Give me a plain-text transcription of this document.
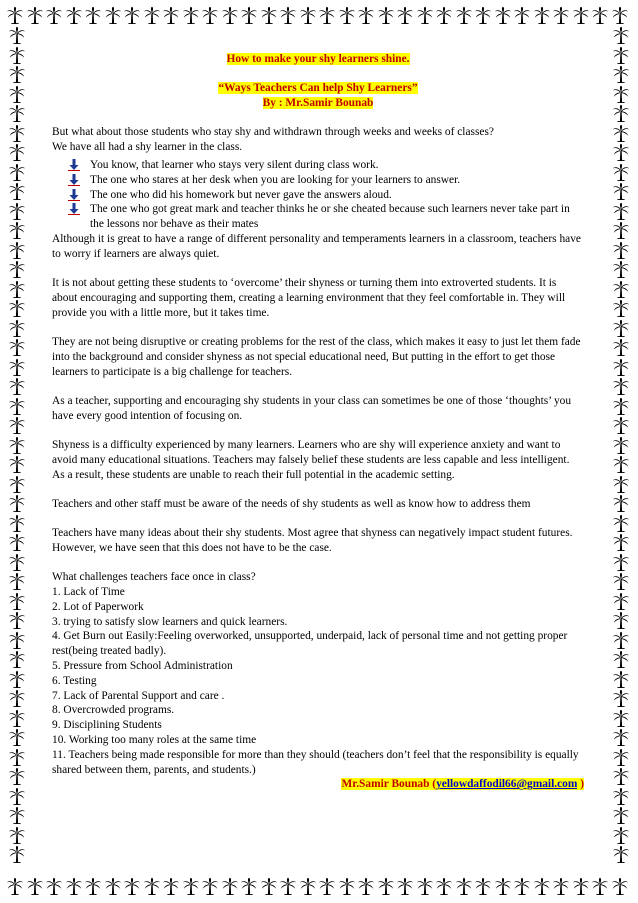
How to make your shy learners shine.

“Ways Teachers Can help Shy Learners”

By : Mr.Samir Bounab

But what about those students who stay shy and withdrawn through weeks and weeks of classes?

We have all had a shy learner in the class.

You know, that learner who stays very silent during class work.
The one who stares at her desk when you are looking for your learners to answer.
The one who did his homework but never gave the answers aloud.
The one who got great mark and teacher thinks he or she cheated because such learners never take part in the lessons nor behave as their mates

Although it is great to have a range of different personality and temperaments learners in a classroom, teachers have to worry if learners are always quiet.

It is not about getting these students to ‘overcome’ their shyness or turning them into extroverted students. It is about encouraging and supporting them, creating a learning environment that they feel comfortable in. They will provide you with a little more, but it takes time.

They are not being disruptive or creating problems for the rest of the class, which makes it easy to just let them fade into the background and consider shyness as not special educational need, But putting in the effort to get those learners to participate is a big challenge for teachers.

As a teacher, supporting and encouraging shy students in your class can sometimes be one of those ‘thoughts’ you have every good intention of focusing on.

Shyness is a difficulty experienced by many learners. Learners who are shy will experience anxiety and want to avoid many educational situations. Teachers may falsely belief these students are less capable and less intelligent. As a result, these students are unable to reach their full potential in the academic setting.

Teachers and other staff must be aware of the needs of shy students as well as know how to address them

Teachers have many ideas about their shy students. Most agree that shyness can negatively impact student futures. However, we have seen that this does not have to be the case.

What challenges teachers face once in class?

1. Lack of Time

2. Lot of Paperwork

3. trying to satisfy slow learners and quick learners.

4. Get Burn out Easily:Feeling overworked, unsupported, underpaid, lack of personal time and not getting proper rest(being treated badly).

5. Pressure from School Administration

6. Testing

7. Lack of Parental Support and care .

8. Overcrowded programs.

9. Disciplining Students

10. Working too many roles at the same time

11. Teachers being made responsible for more than they should (teachers don’t feel that the responsibility is equally shared between them, parents, and students.)

Mr.Samir Bounab (yellowdaffodil66@gmail.com )
